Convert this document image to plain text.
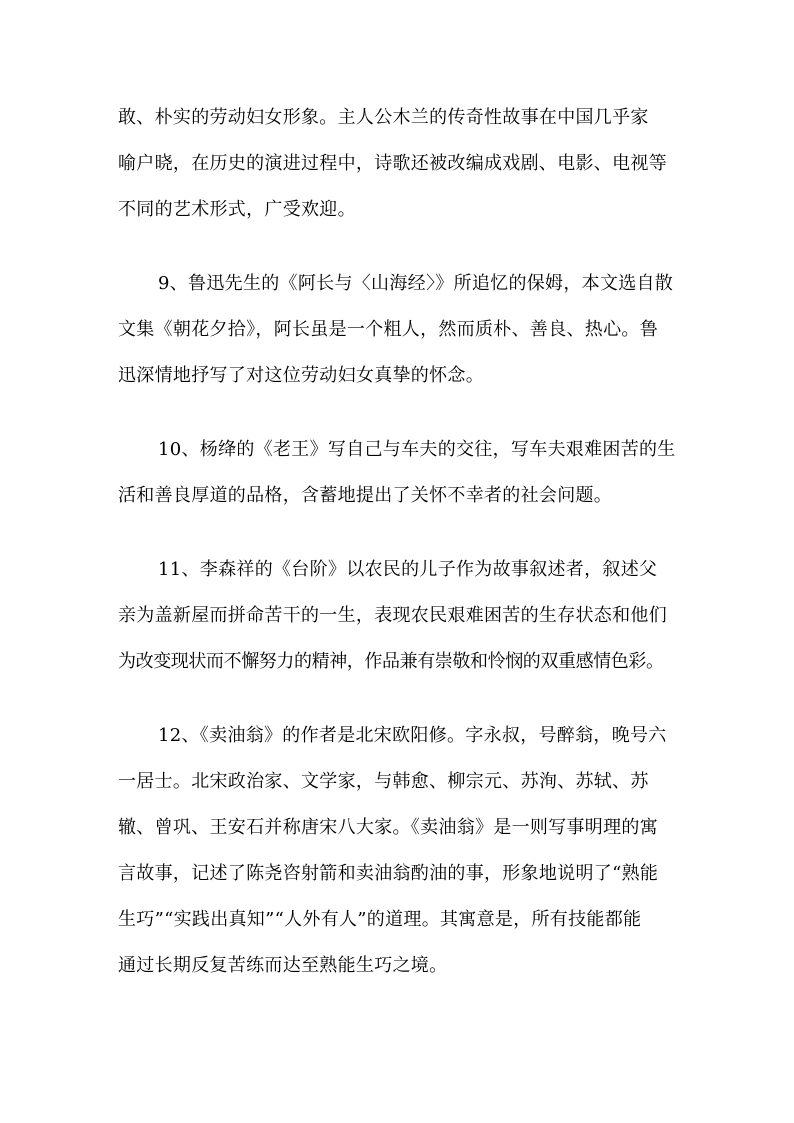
敢、朴实的劳动妇女形象。主人公木兰的传奇性故事在中国几乎家
喻户晓，在历史的演进过程中，诗歌还被改编成戏剧、电影、电视等
不同的艺术形式，广受欢迎。
9、鲁迅先生的《阿长与〈山海经〉》所追忆的保姆，本文选自散
文集《朝花夕拾》，阿长虽是一个粗人，然而质朴、善良、热心。鲁
迅深情地抒写了对这位劳动妇女真挚的怀念。
10、杨绛的《老王》写自己与车夫的交往，写车夫艰难困苦的生
活和善良厚道的品格，含蓄地提出了关怀不幸者的社会问题。
11、李森祥的《台阶》以农民的儿子作为故事叙述者，叙述父
亲为盖新屋而拼命苦干的一生，表现农民艰难困苦的生存状态和他们
为改变现状而不懈努力的精神，作品兼有崇敬和怜悯的双重感情色彩。
12、《卖油翁》的作者是北宋欧阳修。字永叔，号醉翁，晚号六
一居士。北宋政治家、文学家，与韩愈、柳宗元、苏洵、苏轼、苏
辙、曾巩、王安石并称唐宋八大家。《卖油翁》是一则写事明理的寓
言故事，记述了陈尧咨射箭和卖油翁酌油的事，形象地说明了“熟能
生巧”“实践出真知”“人外有人”的道理。其寓意是，所有技能都能
通过长期反复苦练而达至熟能生巧之境。
